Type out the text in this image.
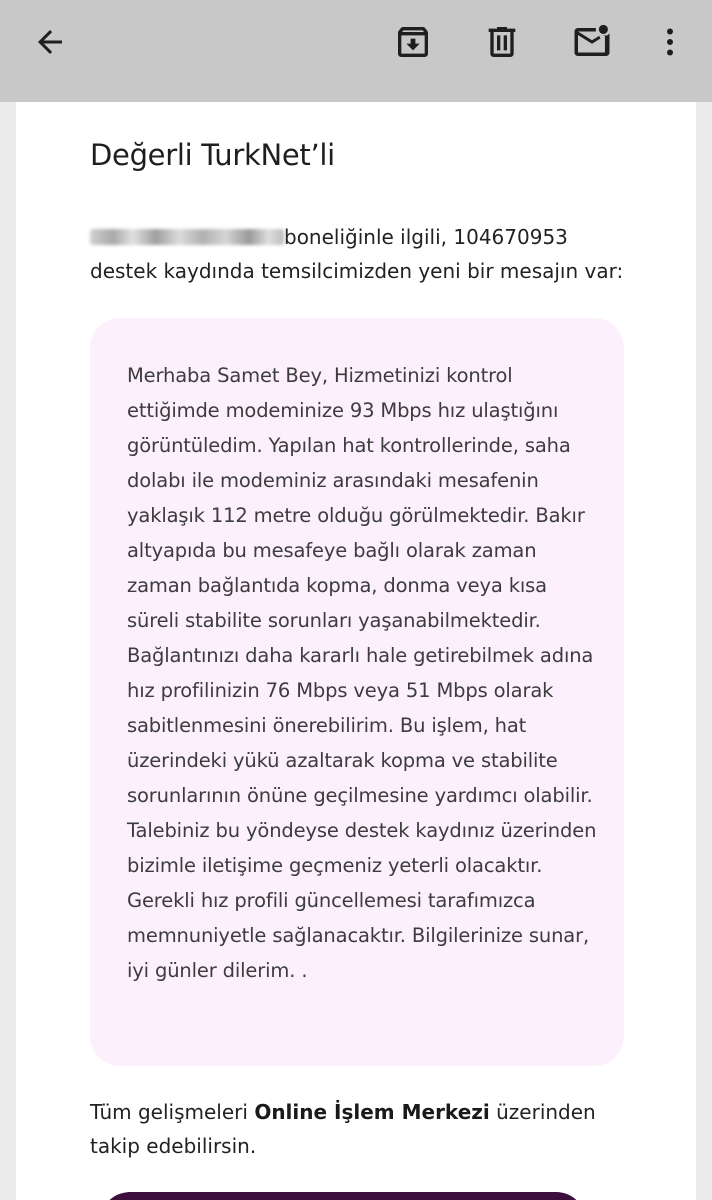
Değerli TurkNet’li

boneliğinle ilgili, 104670953 destek kaydında temsilcimizden yeni bir mesajın var:

Merhaba Samet Bey, Hizmetinizi kontrol ettiğimde modeminize 93 Mbps hız ulaştığını görüntüledim. Yapılan hat kontrollerinde, saha dolabı ile modeminiz arasındaki mesafenin yaklaşık 112 metre olduğu görülmektedir. Bakır altyapıda bu mesafeye bağlı olarak zaman zaman bağlantıda kopma, donma veya kısa süreli stabilite sorunları yaşanabilmektedir. Bağlantınızı daha kararlı hale getirebilmek adına hız profilinizin 76 Mbps veya 51 Mbps olarak sabitlenmesini önerebilirim. Bu işlem, hat üzerindeki yükü azaltarak kopma ve stabilite sorunlarının önüne geçilmesine yardımcı olabilir. Talebiniz bu yöndeyse destek kaydınız üzerinden bizimle iletişime geçmeniz yeterli olacaktır. Gerekli hız profili güncellemesi tarafımızca memnuniyetle sağlanacaktır. Bilgilerinize sunar, iyi günler dilerim. .

Tüm gelişmeleri Online İşlem Merkezi üzerinden takip edebilirsin.
